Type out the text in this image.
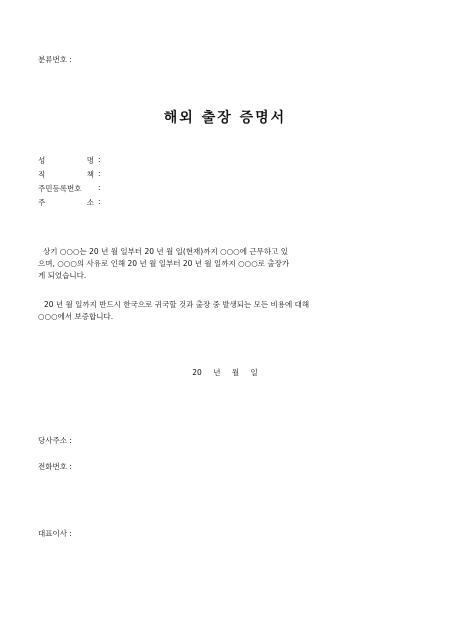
분류번호 :
해외 출장 증명서
성	명 :
직	책 :
주민등록번호 :
주	소 :

상기 ○○○는 20 년 월 일부터 20 년 월 일(현재)까지 ○○○에 근무하고 있

으며, ○○○의 사유로 인해 20 년 월 일부터 20 년 월 일까지 ○○○로 출장가

게 되었습니다.

20 년 월 일까지 반드시 한국으로 귀국할 것과 출장 중 발생되는 모든 비용에 대해

○○○에서 보증합니다.

20 년 월 일
당사주소 :
전화번호 :
대표이사 :
